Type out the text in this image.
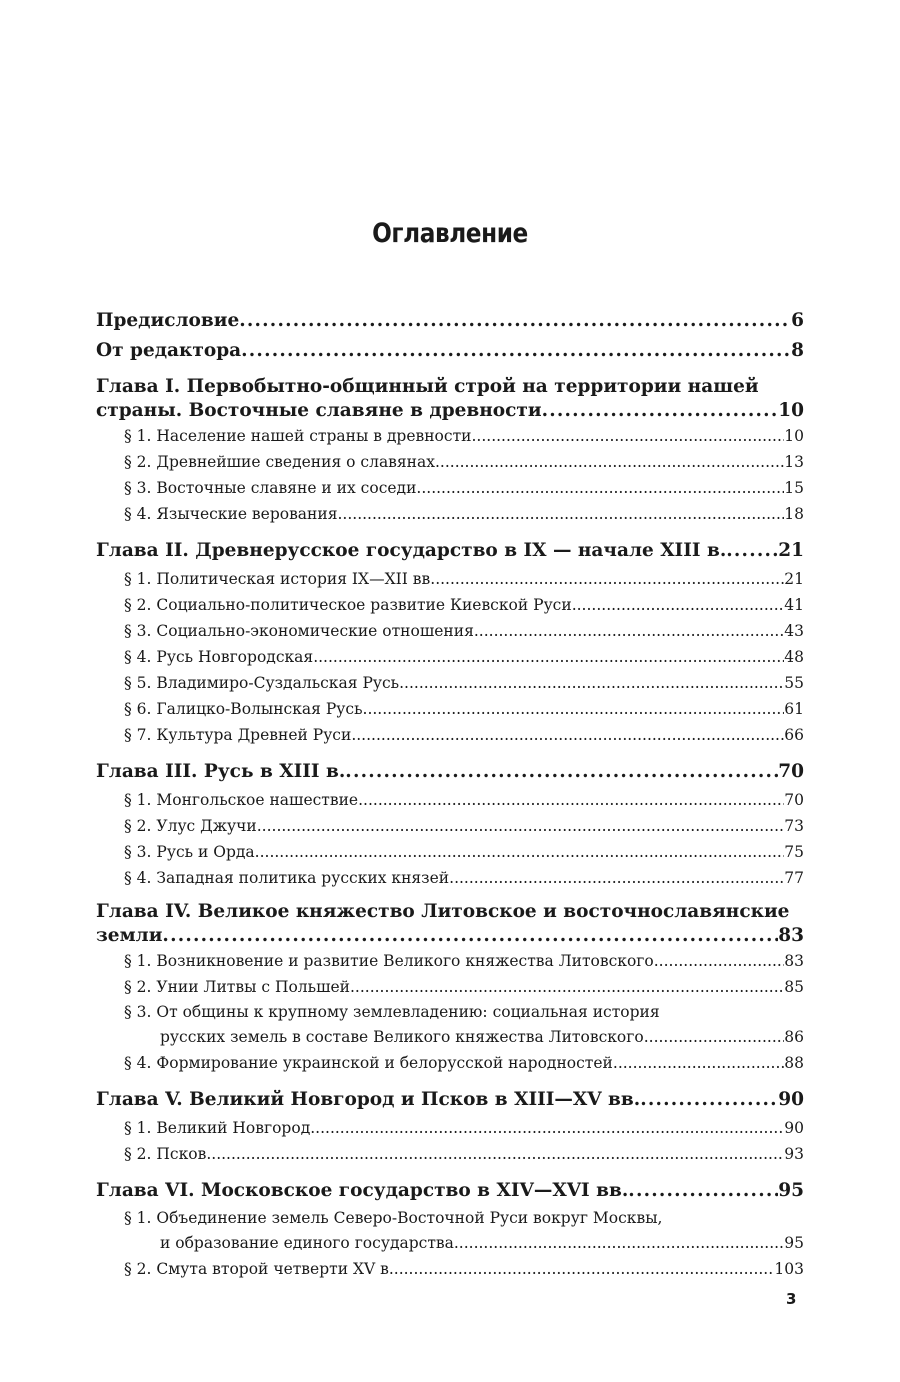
Оглавление
Предисловие .....	6
От редактора .....	8
Глава I. Первобытно-общинный строй на территории нашей
страны. Восточные славяне в древности .....	10
§ 1. Население нашей страны в древности .....	10
§ 2. Древнейшие сведения о славянах .....	13
§ 3. Восточные славяне и их соседи .....	15
§ 4. Языческие верования .....	18
Глава II. Древнерусское государство в IX — начале XIII в. .....	21
§ 1. Политическая история IX—XII вв. .....	21
§ 2. Социально-политическое развитие Киевской Руси .....	41
§ 3. Социально-экономические отношения .....	43
§ 4. Русь Новгородская .....	48
§ 5. Владимиро-Суздальская Русь .....	55
§ 6. Галицко-Волынская Русь .....	61
§ 7. Культура Древней Руси .....	66
Глава III. Русь в XIII в. .....	70
§ 1. Монгольское нашествие .....	70
§ 2. Улус Джучи .....	73
§ 3. Русь и Орда .....	75
§ 4. Западная политика русских князей .....	77
Глава IV. Великое княжество Литовское и восточнославянские
земли .....	83
§ 1. Возникновение и развитие Великого княжества Литовского .....	83
§ 2. Унии Литвы с Польшей .....	85
§ 3. От общины к крупному землевладению: социальная история
русских земель в составе Великого княжества Литовского .....	86
§ 4. Формирование украинской и белорусской народностей .....	88
Глава V. Великий Новгород и Псков в XIII—XV вв. .....	90
§ 1. Великий Новгород .....	90
§ 2. Псков .....	93
Глава VI. Московское государство в XIV—XVI вв. .....	95
§ 1. Объединение земель Северо-Восточной Руси вокруг Москвы,
и образование единого государства .....	95
§ 2. Смута второй четверти XV в. .....	103
3
